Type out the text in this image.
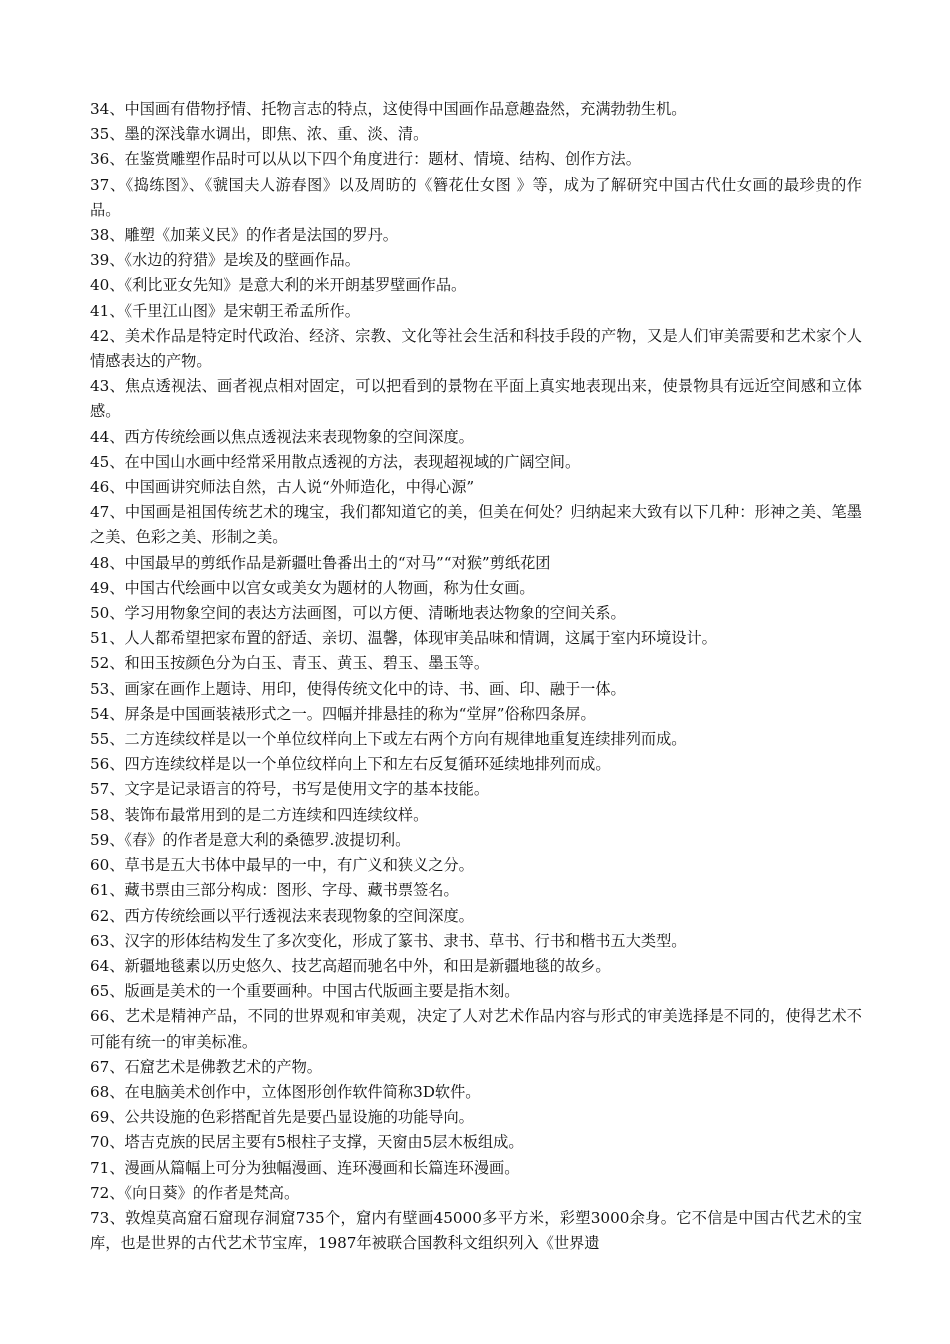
34、中国画有借物抒情、托物言志的特点，这使得中国画作品意趣盎然，充满勃勃生机。

35、墨的深浅靠水调出，即焦、浓、重、淡、清。

36、在鉴赏雕塑作品时可以从以下四个角度进行：题材、情境、结构、创作方法。

37、《捣练图》、《虢国夫人游春图》以及周昉的《簪花仕女图 》等，成为了解研究中国古代仕女画的最珍贵的作品。

38、雕塑《加莱义民》的作者是法国的罗丹。

39、《水边的狩猎》是埃及的壁画作品。

40、《利比亚女先知》是意大利的米开朗基罗壁画作品。

41、《千里江山图》是宋朝王希孟所作。

42、美术作品是特定时代政治、经济、宗教、文化等社会生活和科技手段的产物，又是人们审美需要和艺术家个人情感表达的产物。

43、焦点透视法、画者视点相对固定，可以把看到的景物在平面上真实地表现出来，使景物具有远近空间感和立体感。

44、西方传统绘画以焦点透视法来表现物象的空间深度。

45、在中国山水画中经常采用散点透视的方法，表现超视域的广阔空间。

46、中国画讲究师法自然，古人说“外师造化，中得心源”

47、中国画是祖国传统艺术的瑰宝，我们都知道它的美，但美在何处？归纳起来大致有以下几种：形神之美、笔墨之美、色彩之美、形制之美。

48、中国最早的剪纸作品是新疆吐鲁番出土的“对马”“对猴”剪纸花团

49、中国古代绘画中以宫女或美女为题材的人物画，称为仕女画。

50、学习用物象空间的表达方法画图，可以方便、清晰地表达物象的空间关系。

51、人人都希望把家布置的舒适、亲切、温馨，体现审美品味和情调，这属于室内环境设计。

52、和田玉按颜色分为白玉、青玉、黄玉、碧玉、墨玉等。

53、画家在画作上题诗、用印，使得传统文化中的诗、书、画、印、融于一体。

54、屏条是中国画装裱形式之一。四幅并排悬挂的称为“堂屏”俗称四条屏。

55、二方连续纹样是以一个单位纹样向上下或左右两个方向有规律地重复连续排列而成。

56、四方连续纹样是以一个单位纹样向上下和左右反复循环延续地排列而成。

57、文字是记录语言的符号，书写是使用文字的基本技能。

58、装饰布最常用到的是二方连续和四连续纹样。

59、《春》的作者是意大利的桑德罗.波提切利。

60、草书是五大书体中最早的一中，有广义和狭义之分。

61、藏书票由三部分构成：图形、字母、藏书票签名。

62、西方传统绘画以平行透视法来表现物象的空间深度。

63、汉字的形体结构发生了多次变化，形成了篆书、隶书、草书、行书和楷书五大类型。

64、新疆地毯素以历史悠久、技艺高超而驰名中外，和田是新疆地毯的故乡。

65、版画是美术的一个重要画种。中国古代版画主要是指木刻。

66、艺术是精神产品，不同的世界观和审美观，决定了人对艺术作品内容与形式的审美选择是不同的，使得艺术不可能有统一的审美标准。

67、石窟艺术是佛教艺术的产物。

68、在电脑美术创作中，立体图形创作软件简称3D软件。

69、公共设施的色彩搭配首先是要凸显设施的功能导向。

70、塔吉克族的民居主要有5根柱子支撑，天窗由5层木板组成。

71、漫画从篇幅上可分为独幅漫画、连环漫画和长篇连环漫画。

72、《向日葵》的作者是梵高。

73、敦煌莫高窟石窟现存洞窟735个，窟内有壁画45000多平方米，彩塑3000余身。它不信是中国古代艺术的宝库，也是世界的古代艺术节宝库，1987年被联合国教科文组织列入《世界遗
